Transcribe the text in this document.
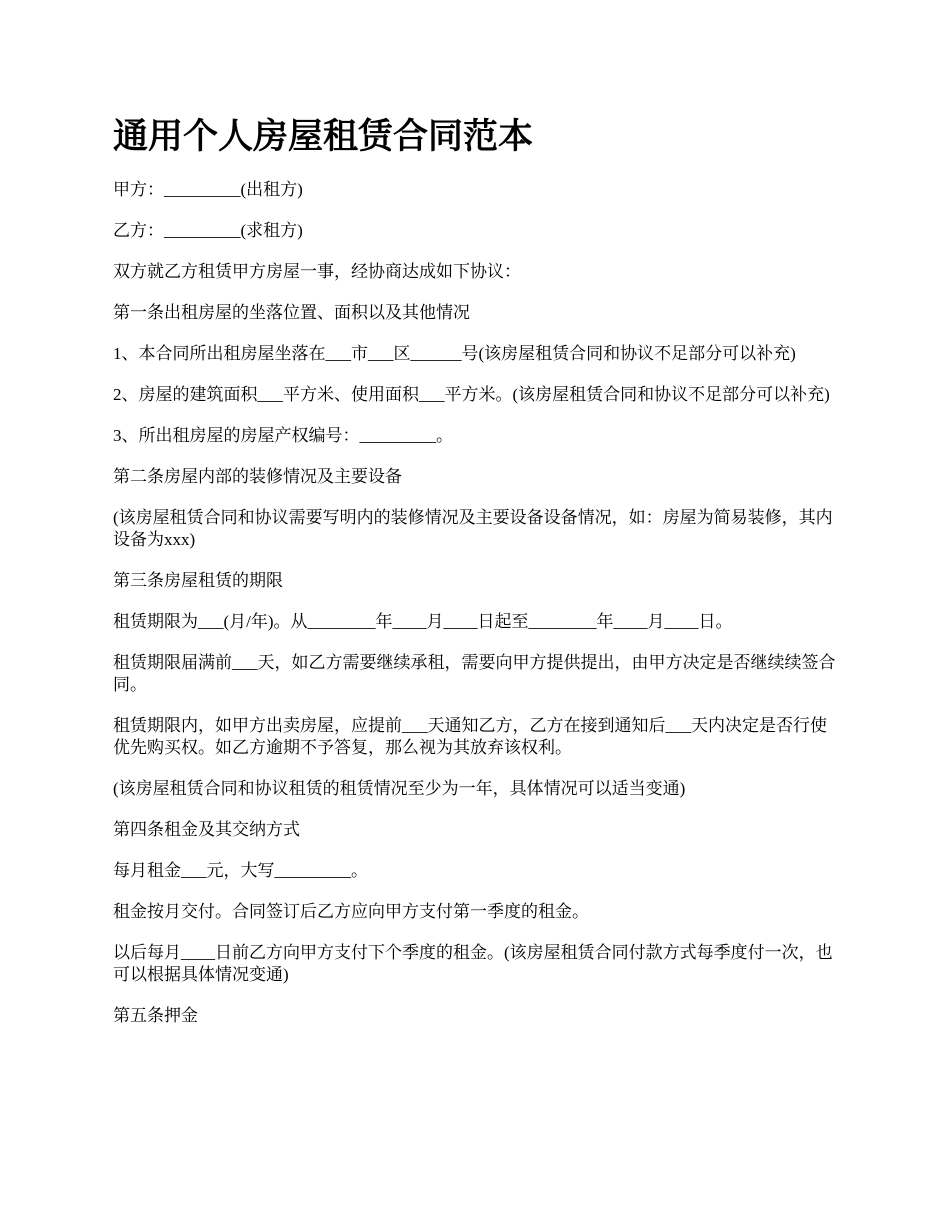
通用个人房屋租赁合同范本

甲方：_________(出租方)

乙方：_________(求租方)

双方就乙方租赁甲方房屋一事，经协商达成如下协议：

第一条出租房屋的坐落位置、面积以及其他情况

1、本合同所出租房屋坐落在___市___区______号(该房屋租赁合同和协议不足部分可以补充)

2、房屋的建筑面积___平方米、使用面积___平方米。(该房屋租赁合同和协议不足部分可以补充)

3、所出租房屋的房屋产权编号：_________。

第二条房屋内部的装修情况及主要设备

(该房屋租赁合同和协议需要写明内的装修情况及主要设备设备情况，如：房屋为简易装修，其内设备为xxx)

第三条房屋租赁的期限

租赁期限为___(月/年)。从________年____月____日起至________年____月____日。

租赁期限届满前___天，如乙方需要继续承租，需要向甲方提供提出，由甲方决定是否继续续签合同。

租赁期限内，如甲方出卖房屋，应提前___天通知乙方，乙方在接到通知后___天内决定是否行使优先购买权。如乙方逾期不予答复，那么视为其放弃该权利。

(该房屋租赁合同和协议租赁的租赁情况至少为一年，具体情况可以适当变通)

第四条租金及其交纳方式

每月租金___元，大写_________。

租金按月交付。合同签订后乙方应向甲方支付第一季度的租金。

以后每月____日前乙方向甲方支付下个季度的租金。(该房屋租赁合同付款方式每季度付一次，也可以根据具体情况变通)

第五条押金
